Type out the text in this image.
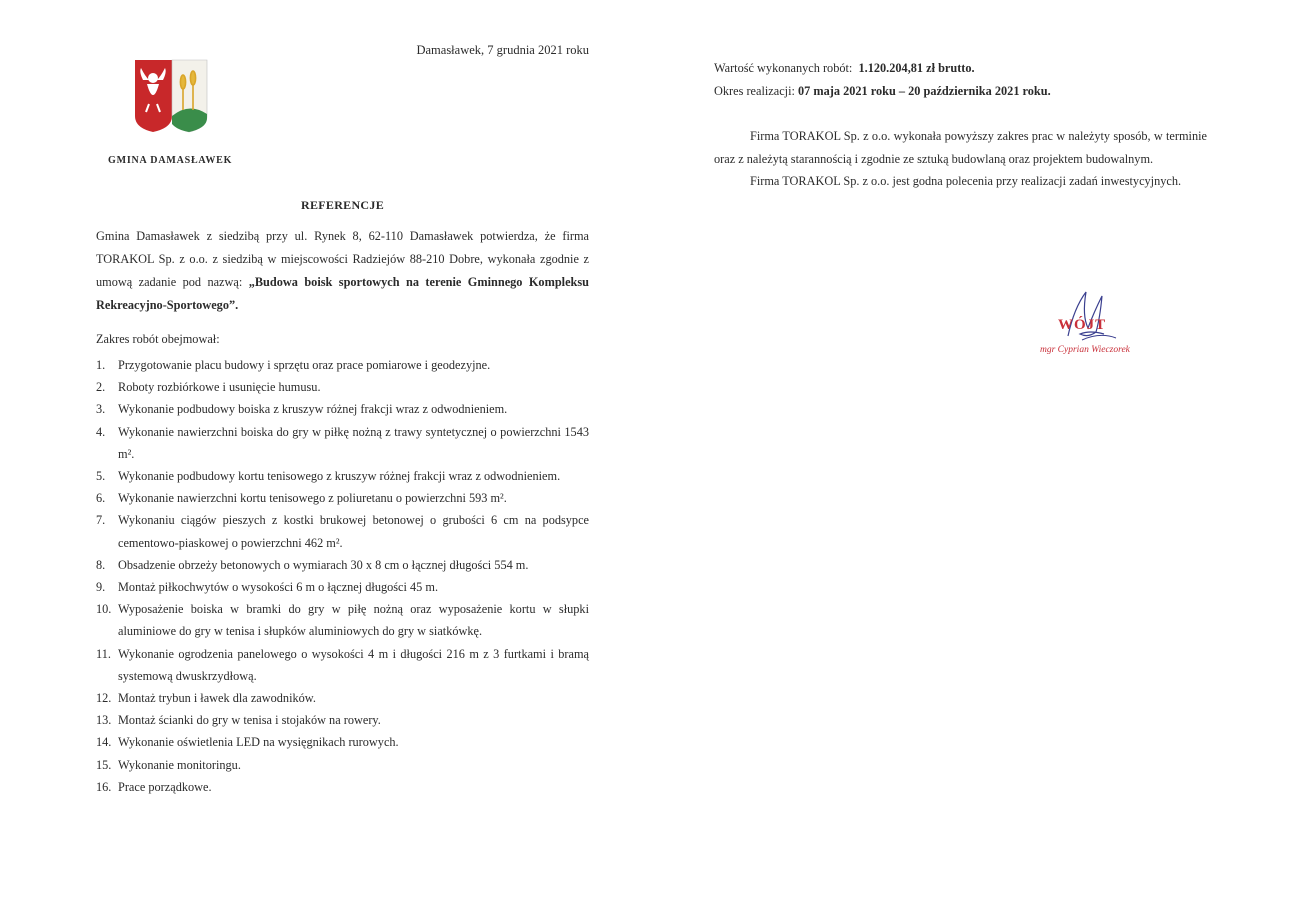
Damasławek, 7 grudnia 2021 roku
GMINA DAMASŁAWEK
REFERENCJE
Gmina Damasławek z siedzibą przy ul. Rynek 8, 62-110 Damasławek potwierdza, że firma TORAKOL Sp. z o.o. z siedzibą w miejscowości Radziejów 88-210 Dobre, wykonała zgodnie z umową zadanie pod nazwą: „Budowa boisk sportowych na terenie Gminnego Kompleksu Rekreacyjno-Sportowego”.
Zakres robót obejmował:
1.	Przygotowanie placu budowy i sprzętu oraz prace pomiarowe i geodezyjne.
2.	Roboty rozbiórkowe i usunięcie humusu.
3.	Wykonanie podbudowy boiska z kruszyw różnej frakcji wraz z odwodnieniem.
4.	Wykonanie nawierzchni boiska do gry w piłkę nożną z trawy syntetycznej o powierzchni 1543 m².
5.	Wykonanie podbudowy kortu tenisowego z kruszyw różnej frakcji wraz z odwodnieniem.
6.	Wykonanie nawierzchni kortu tenisowego z poliuretanu o powierzchni 593 m².
7.	Wykonaniu ciągów pieszych z kostki brukowej betonowej o grubości 6 cm na podsypce cementowo-piaskowej o powierzchni 462 m².
8.	Obsadzenie obrzeży betonowych o wymiarach 30 x 8 cm o łącznej długości 554 m.
9.	Montaż piłkochwytów o wysokości 6 m o łącznej długości 45 m.
10. Wyposażenie boiska w bramki do gry w piłę nożną oraz wyposażenie kortu w słupki aluminiowe do gry w tenisa i słupków aluminiowych do gry w siatkówkę.
11. Wykonanie ogrodzenia panelowego o wysokości 4 m i długości 216 m z 3 furtkami i bramą systemową dwuskrzydłową.
12. Montaż trybun i ławek dla zawodników.
13. Montaż ścianki do gry w tenisa i stojaków na rowery.
14. Wykonanie oświetlenia LED na wysięgnikach rurowych.
15. Wykonanie monitoringu.
16. Prace porządkowe.
Wartość wykonanych robót: 1.120.204,81 zł brutto.
Okres realizacji: 07 maja 2021 roku – 20 października 2021 roku.

Firma TORAKOL Sp. z o.o. wykonała powyższy zakres prac w należyty sposób, w terminie oraz z należytą starannością i zgodnie ze sztuką budowlaną oraz projektem budowalnym.

Firma TORAKOL Sp. z o.o. jest godna polecenia przy realizacji zadań inwestycyjnych.

WÓJT
mgr Cyprian Wieczorek
